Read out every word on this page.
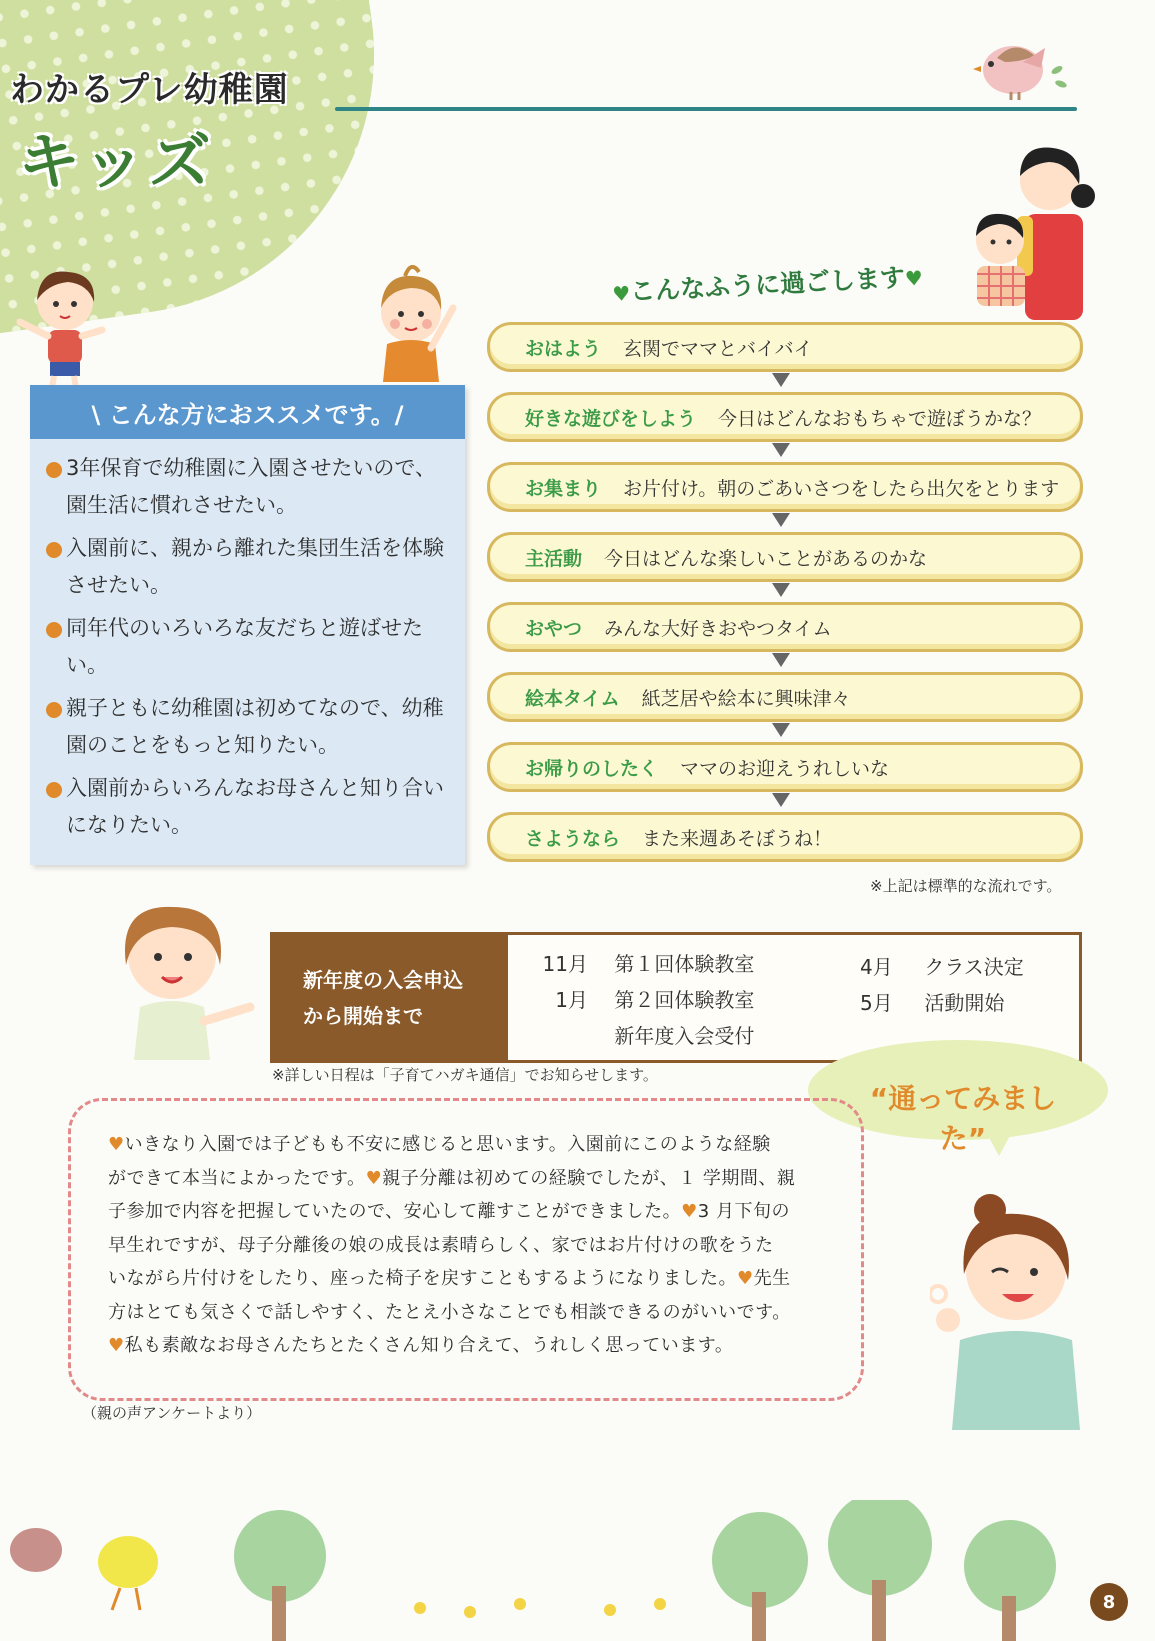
わかるプレ幼稚園
キッズ
\ こんな方におススメです。/
3年保育で幼稚園に入園させたいので、園生活に慣れさせたい。
入園前に、親から離れた集団生活を体験させたい。
同年代のいろいろな友だちと遊ばせたい。
親子ともに幼稚園は初めてなので、幼稚園のことをもっと知りたい。
入園前からいろんなお母さんと知り合いになりたい。
♥こんなふうに過ごします♥
おはよう 玄関でママとバイバイ
好きな遊びをしよう 今日はどんなおもちゃで遊ぼうかな？
お集まり お片付け。朝のごあいさつをしたら出欠をとります
主活動 今日はどんな楽しいことがあるのかな
おやつ みんな大好きおやつタイム
絵本タイム 紙芝居や絵本に興味津々
お帰りのしたく ママのお迎えうれしいな
さようなら また来週あそぼうね！
※上記は標準的な流れです。
新年度の入会申込
から開始まで
11月 第１回体験教室
1月 第２回体験教室
新年度入会受付
4月 クラス決定
5月 活動開始
※詳しい日程は「子育てハガキ通信」でお知らせします。
“通ってみました”
♥いきなり入園では子どもも不安に感じると思います。入園前にこのような経験
ができて本当によかったです。♥親子分離は初めての経験でしたが、１ 学期間、親
子参加で内容を把握していたので、安心して離すことができました。♥3 月下旬の
早生れですが、母子分離後の娘の成長は素晴らしく、家ではお片付けの歌をうた
いながら片付けをしたり、座った椅子を戻すこともするようになりました。♥先生
方はとても気さくで話しやすく、たとえ小さなことでも相談できるのがいいです。
♥私も素敵なお母さんたちとたくさん知り合えて、うれしく思っています。
（親の声アンケートより）
8
